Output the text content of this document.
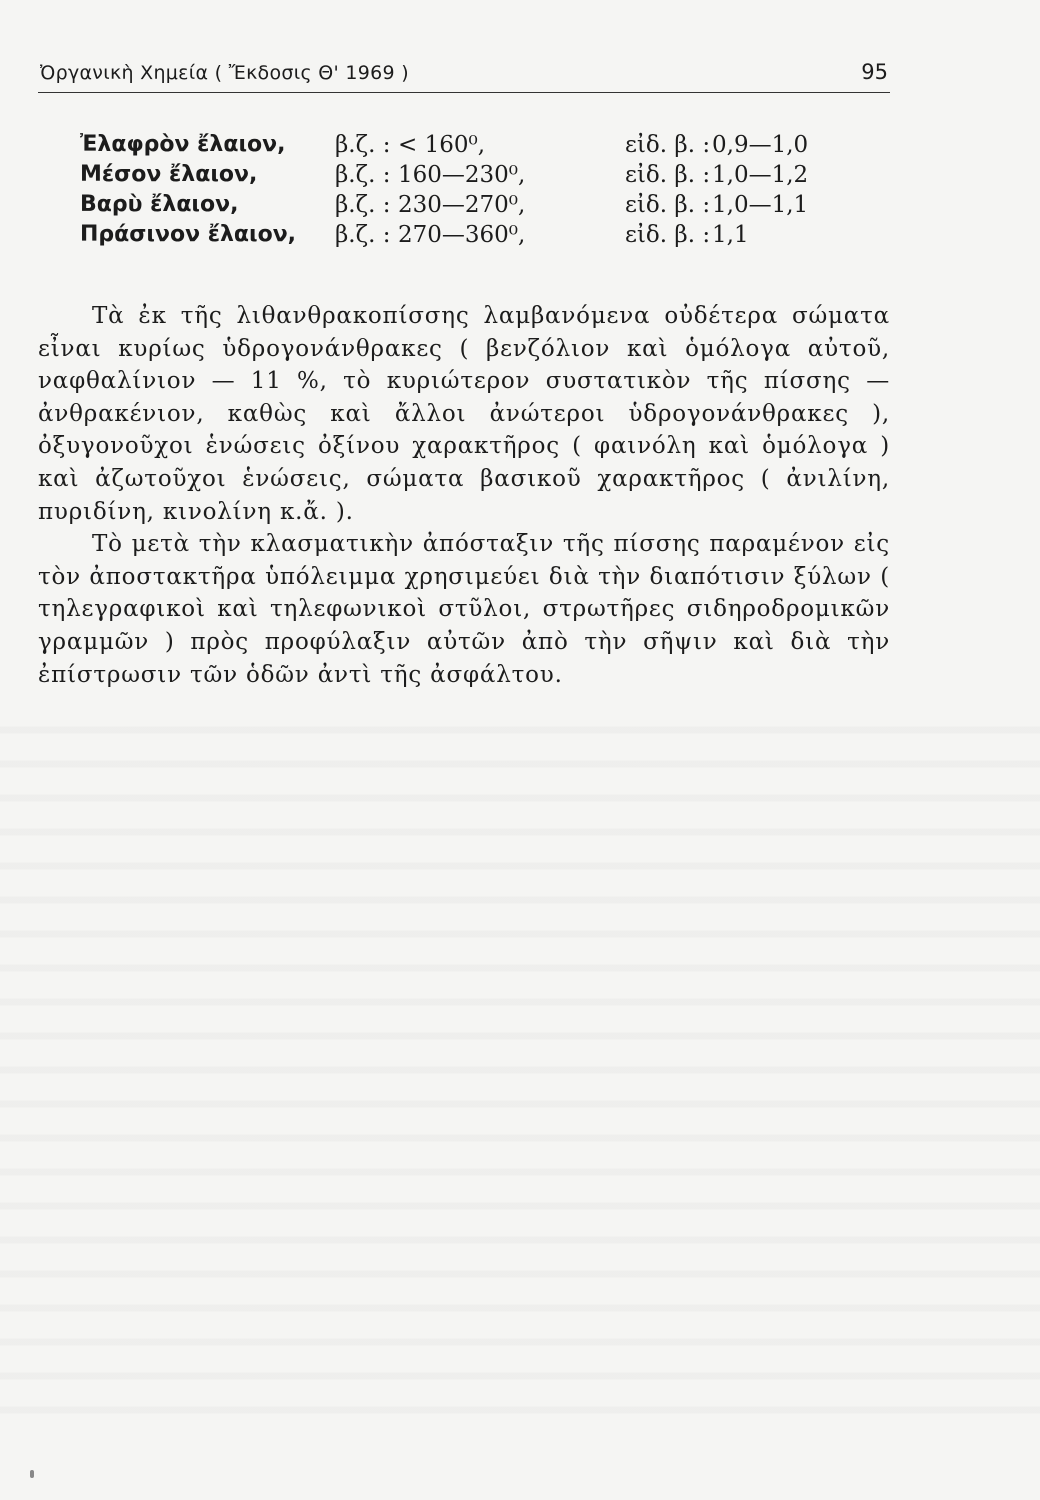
Ὀργανικὴ Χημεία ( Ἔκδοσις Θ' 1969 )	95
Ἐλαφρὸν ἔλαιον, β.ζ. : < 160⁰,	εἰδ. β. : 0,9—1,0
Μέσον ἔλαιον,	β.ζ. : 160—230⁰,	εἰδ. β. : 1,0—1,2
Βαρὺ ἔλαιον,	β.ζ. : 230—270⁰,	εἰδ. β. : 1,0—1,1
Πράσινον ἔλαιον, β.ζ. : 270—360⁰,	εἰδ. β. : 1,1

Τὰ ἐκ τῆς λιθανθρακοπίσσης λαμβανόμενα οὐδέτερα σώματα εἶναι κυρίως ὑδρογονάνθρακες ( βενζόλιον καὶ ὁμόλογα αὐτοῦ, ναφθαλίνιον — 11 %, τὸ κυριώτερον συστατικὸν τῆς πίσσης — ἀνθρακένιον, καθὼς καὶ ἄλλοι ἀνώτεροι ὑδρογονάνθρακες ), ὀξυγονοῦχοι ἑνώσεις ὀξίνου χαρακτῆρος ( φαινόλη καὶ ὁμόλογα ) καὶ ἀζωτοῦχοι ἑνώσεις, σώματα βασικοῦ χαρακτῆρος ( ἀνιλίνη, πυριδίνη, κινολίνη κ.ἄ. ).

Τὸ μετὰ τὴν κλασματικὴν ἀπόσταξιν τῆς πίσσης παραμένον εἰς τὸν ἀποστακτῆρα ὑπόλειμμα χρησιμεύει διὰ τὴν διαπότισιν ξύλων ( τηλεγραφικοὶ καὶ τηλεφωνικοὶ στῦλοι, στρωτῆρες σιδηροδρομικῶν γραμμῶν ) πρὸς προφύλαξιν αὐτῶν ἀπὸ τὴν σῆψιν καὶ διὰ τὴν ἐπίστρωσιν τῶν ὁδῶν ἀντὶ τῆς ἀσφάλτου.
